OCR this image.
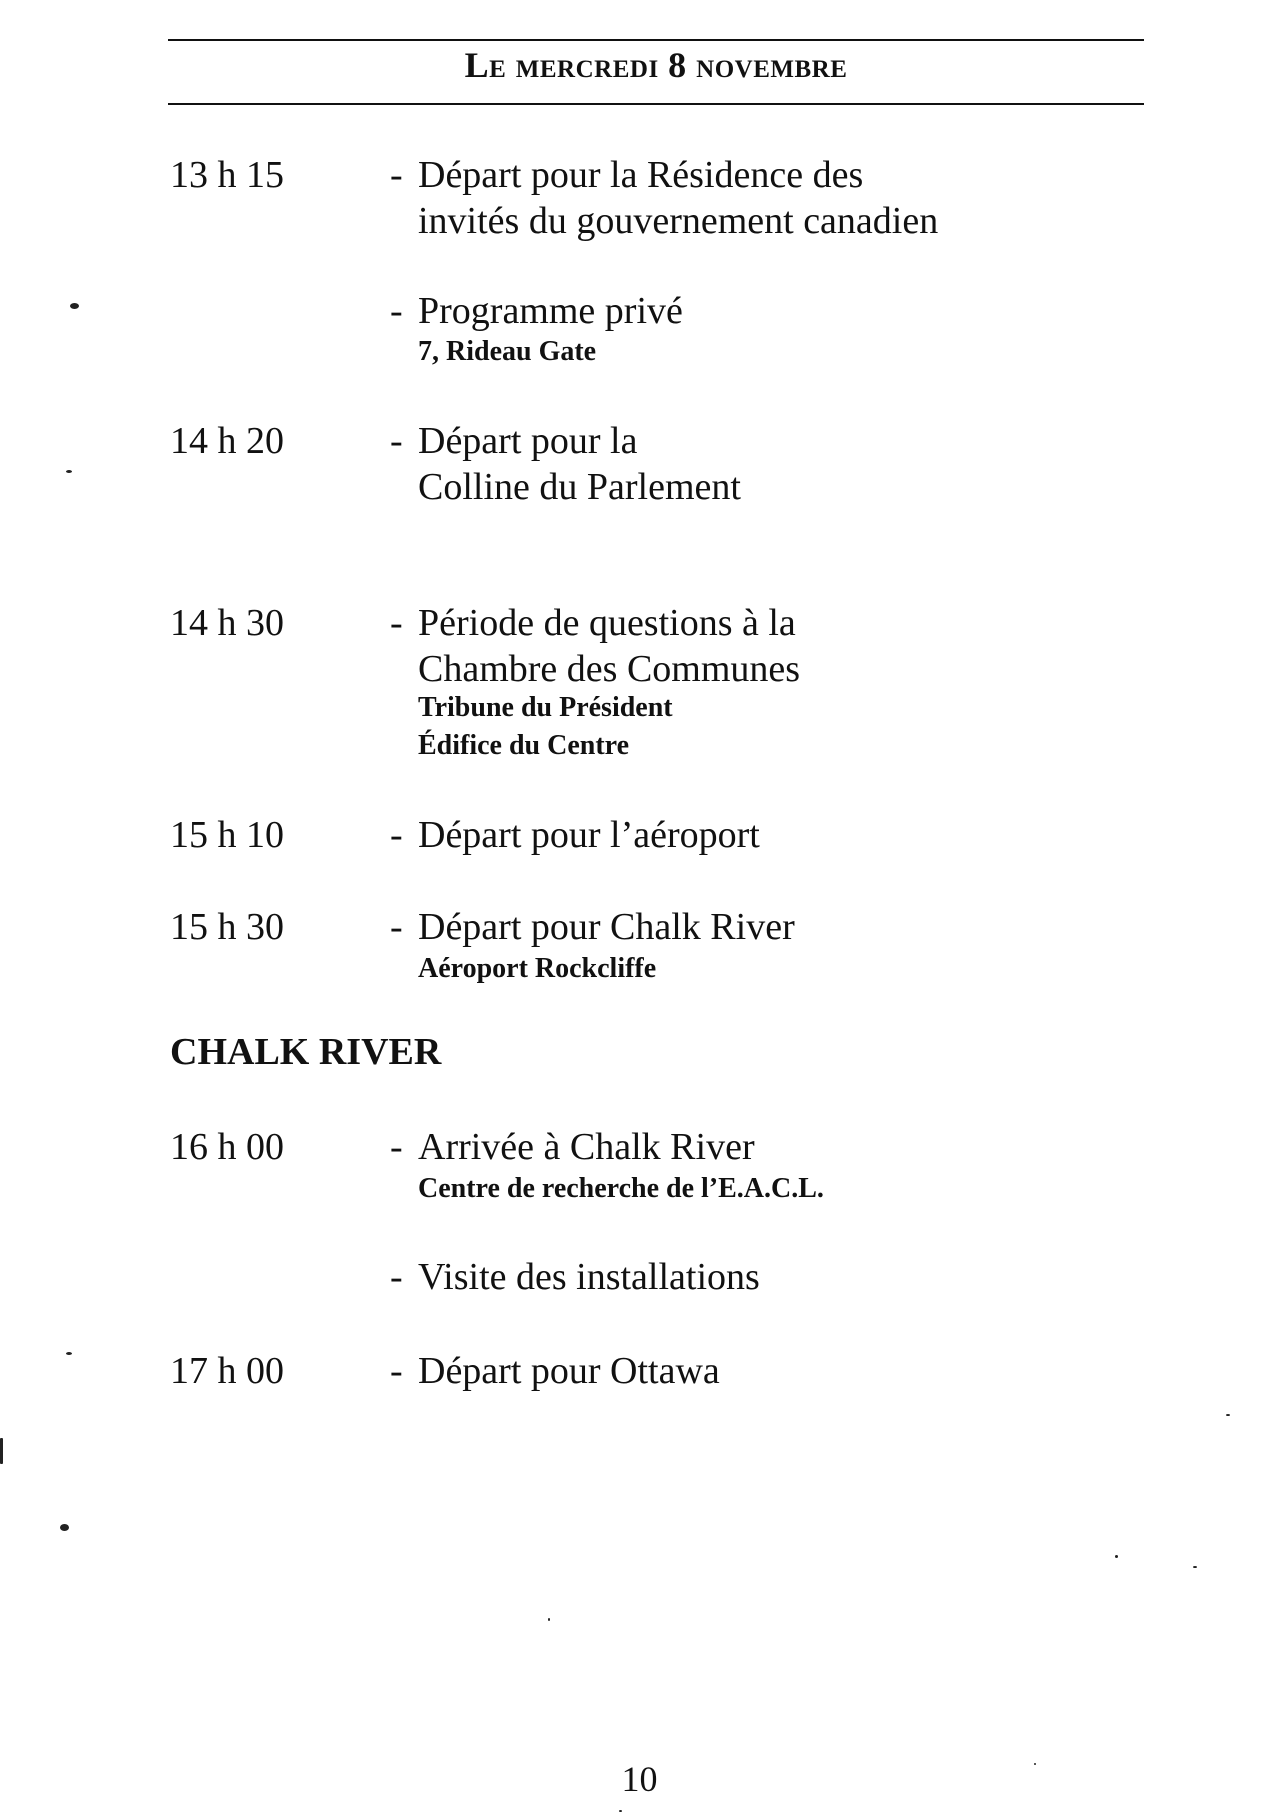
Le mercredi 8 novembre
13 h 15	- Départ pour la Résidence des
invités du gouvernement canadien
- Programme privé
7, Rideau Gate
14 h 20	- Départ pour la
Colline du Parlement
14 h 30	- Période de questions à la
Chambre des Communes
Tribune du Président
Édifice du Centre
15 h 10	- Départ pour l’aéroport
15 h 30	- Départ pour Chalk River
Aéroport Rockcliffe
CHALK RIVER
16 h 00	- Arrivée à Chalk River
Centre de recherche de l’E.A.C.L.
- Visite des installations
17 h 00	- Départ pour Ottawa
10
